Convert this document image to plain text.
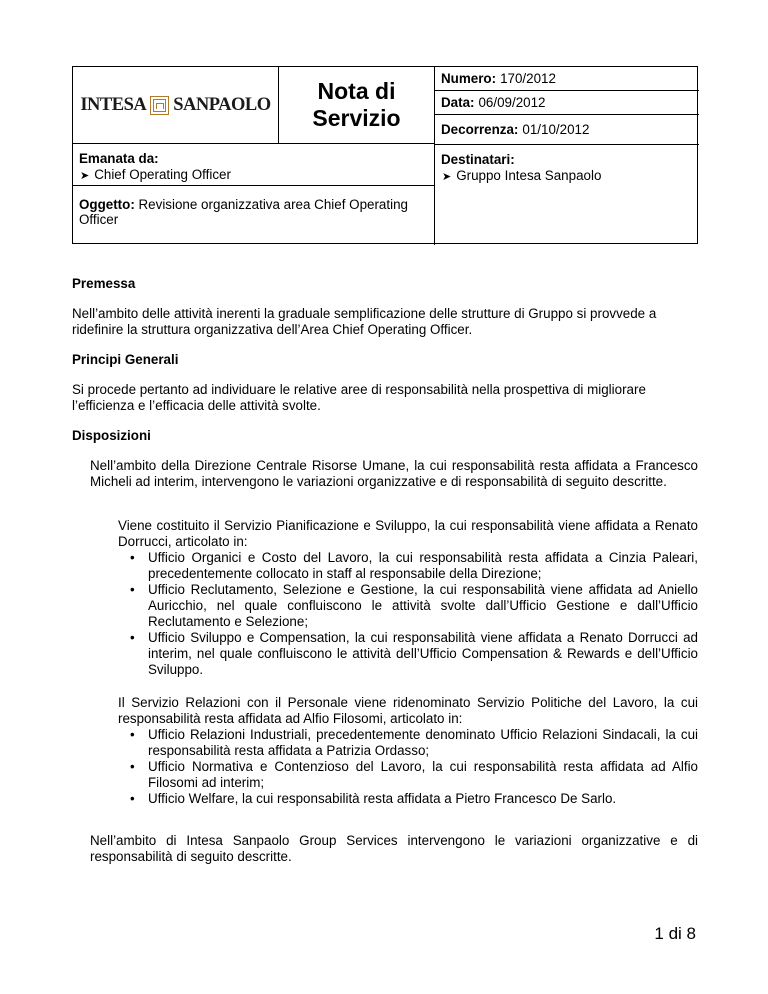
INTESA SANPAOLO
Nota di
Servizio
Numero: 170/2012
Data: 06/09/2012
Decorrenza: 01/10/2012
Emanata da:
➤ Chief Operating Officer
Destinatari:
➤ Gruppo Intesa Sanpaolo
Oggetto: Revisione organizzativa area Chief Operating Officer
Premessa
Nell’ambito delle attività inerenti la graduale semplificazione delle strutture di Gruppo si provvede a ridefinire la struttura organizzativa dell’Area Chief Operating Officer.
Principi Generali
Si procede pertanto ad individuare le relative aree di responsabilità nella prospettiva di migliorare l’efficienza e l’efficacia delle attività svolte.
Disposizioni
Nell’ambito della Direzione Centrale Risorse Umane, la cui responsabilità resta affidata a Francesco Micheli ad interim, intervengono le variazioni organizzative e di responsabilità di seguito descritte.
Viene costituito il Servizio Pianificazione e Sviluppo, la cui responsabilità viene affidata a Renato Dorrucci, articolato in:
• Ufficio Organici e Costo del Lavoro, la cui responsabilità resta affidata a Cinzia Paleari, precedentemente collocato in staff al responsabile della Direzione;
• Ufficio Reclutamento, Selezione e Gestione, la cui responsabilità viene affidata ad Aniello Auricchio, nel quale confluiscono le attività svolte dall’Ufficio Gestione e dall’Ufficio Reclutamento e Selezione;
• Ufficio Sviluppo e Compensation, la cui responsabilità viene affidata a Renato Dorrucci ad interim, nel quale confluiscono le attività dell’Ufficio Compensation & Rewards e dell’Ufficio Sviluppo.
Il Servizio Relazioni con il Personale viene ridenominato Servizio Politiche del Lavoro, la cui responsabilità resta affidata ad Alfio Filosomi, articolato in:
• Ufficio Relazioni Industriali, precedentemente denominato Ufficio Relazioni Sindacali, la cui responsabilità resta affidata a Patrizia Ordasso;
• Ufficio Normativa e Contenzioso del Lavoro, la cui responsabilità resta affidata ad Alfio Filosomi ad interim;
• Ufficio Welfare, la cui responsabilità resta affidata a Pietro Francesco De Sarlo.
Nell’ambito di Intesa Sanpaolo Group Services intervengono le variazioni organizzative e di responsabilità di seguito descritte.
1 di 8
